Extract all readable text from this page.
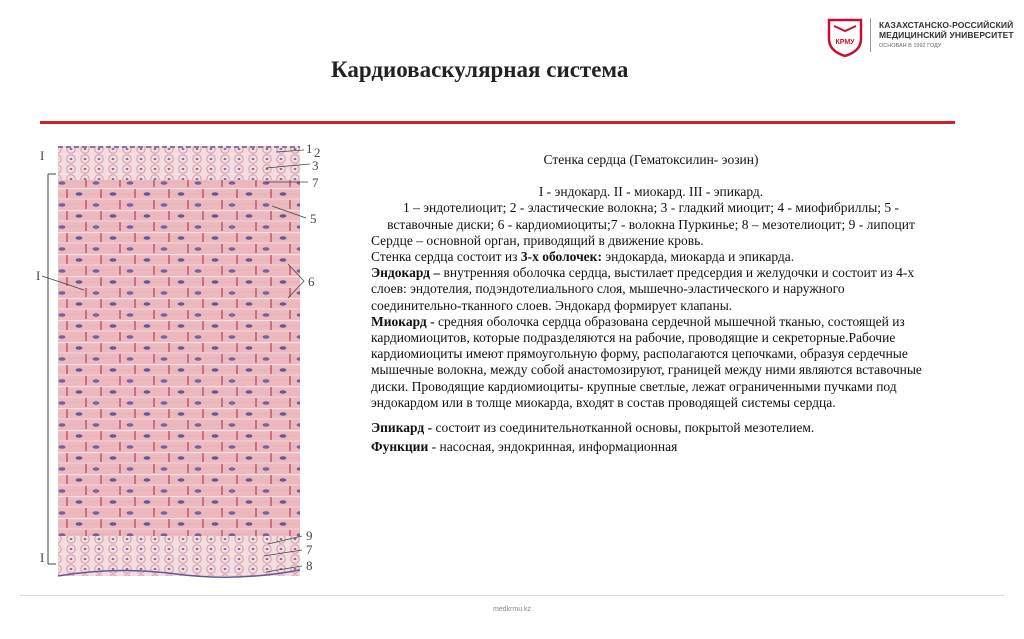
КРМУ
КАЗАХСТАНСКО-РОССИЙСКИЙ
МЕДИЦИНСКИЙ УНИВЕРСИТЕТ
ОСНОВАН В 1992 ГОДУ
Кардиоваскулярная система
I
I
I
1 2
3
7
5
6
9
7
8

Стенка сердца (Гематоксилин- эозин)

I - эндокард. II - миокард. III - эпикард.

1 – эндотелиоцит; 2 - эластические волокна; 3 - гладкий миоцит; 4 - миофибриллы; 5 - вставочные диски; 6 - кардиомиоциты;7 - волокна Пуркинье; 8 – мезотелиоцит; 9 - липоцит

Сердце – основной орган, приводящий в движение кровь.

Стенка сердца состоит из 3-х оболочек: эндокарда, миокарда и эпикарда.

Эндокард – внутренняя оболочка сердца, выстилает предсердия и желудочки и состоит из 4-х слоев: эндотелия, подэндотелиального слоя, мышечно-эластического и наружного соединительно-тканного слоев. Эндокард формирует клапаны.

Миокард - средняя оболочка сердца образована сердечной мышечной тканью, состоящей из кардиомиоцитов, которые подразделяются на рабочие, проводящие и секреторные.Рабочие кардиомиоциты имеют прямоугольную форму, располагаются цепочками, образуя сердечные мышечные волокна, между собой анастомозируют, границей между ними являются вставочные диски. Проводящие кардиомиоциты- крупные светлые, лежат ограниченными пучками под эндокардом или в толще миокарда, входят в состав проводящей системы сердца.

Эпикард - состоит из соединительнотканной основы, покрытой мезотелием.

Функции - насосная, эндокринная, информационная

medkrmu.kz
